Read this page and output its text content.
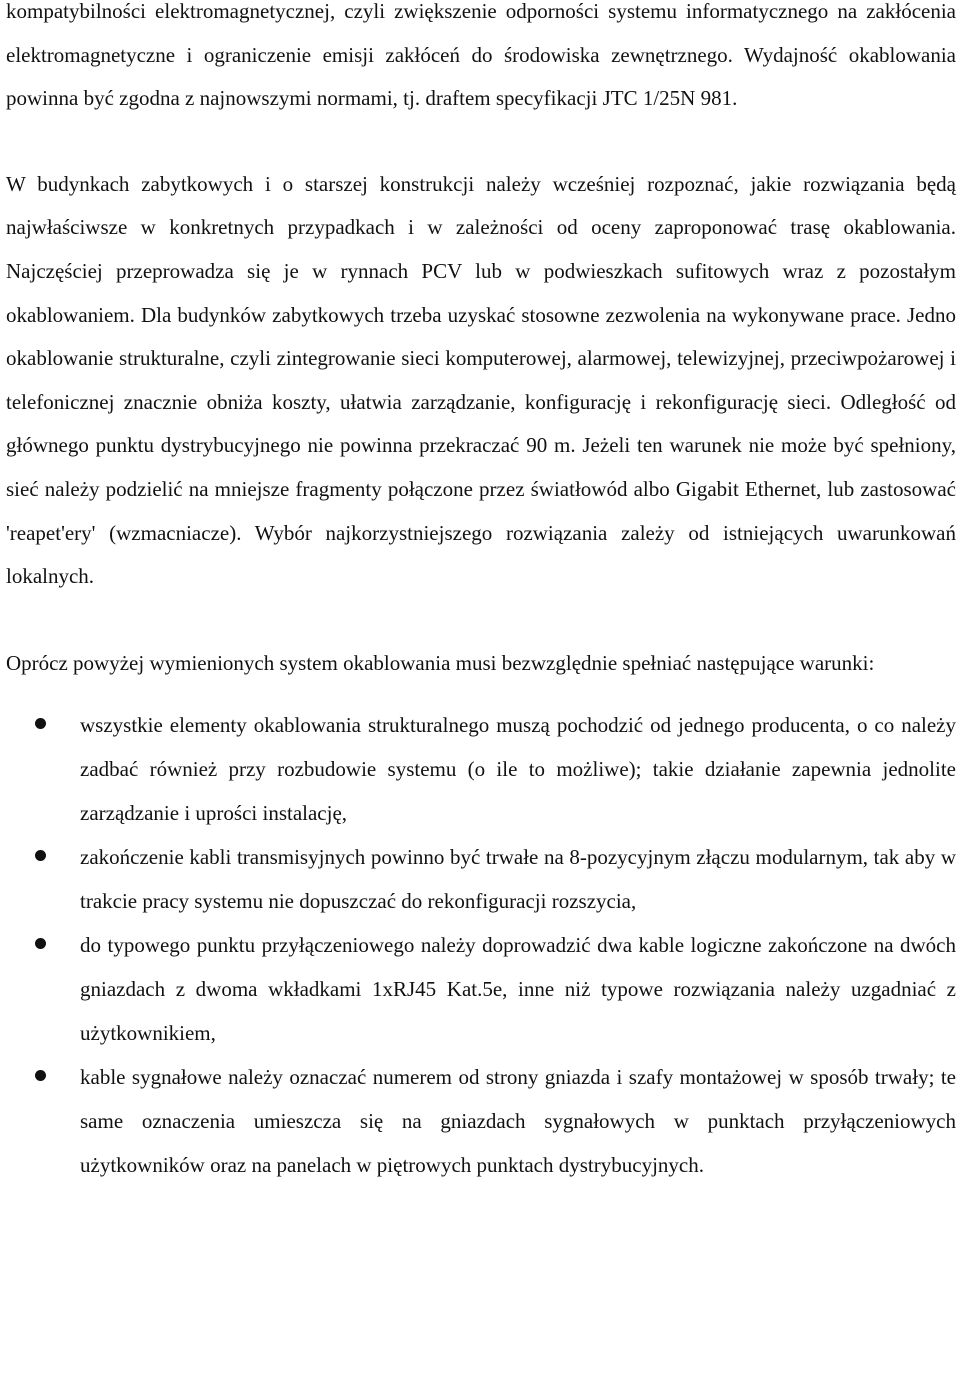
kompatybilności elektromagnetycznej, czyli zwiększenie odporności systemu informatycznego na zakłócenia elektromagnetyczne i ograniczenie emisji zakłóceń do środowiska zewnętrznego. Wydajność okablowania powinna być zgodna z najnowszymi normami, tj. draftem specyfikacji JTC 1/25N 981.

W budynkach zabytkowych i o starszej konstrukcji należy wcześniej rozpoznać, jakie rozwiązania będą najwłaściwsze w konkretnych przypadkach i w zależności od oceny zaproponować trasę okablowania. Najczęściej przeprowadza się je w rynnach PCV lub w podwieszkach sufitowych wraz z pozostałym okablowaniem. Dla budynków zabytkowych trzeba uzyskać stosowne zezwolenia na wykonywane prace. Jedno okablowanie strukturalne, czyli zintegrowanie sieci komputerowej, alarmowej, telewizyjnej, przeciwpożarowej i telefonicznej znacznie obniża koszty, ułatwia zarządzanie, konfigurację i rekonfigurację sieci. Odległość od głównego punktu dystrybucyjnego nie powinna przekraczać 90 m. Jeżeli ten warunek nie może być spełniony, sieć należy podzielić na mniejsze fragmenty połączone przez światłowód albo Gigabit Ethernet, lub zastosować 'reapet'ery' (wzmacniacze). Wybór najkorzystniejszego rozwiązania zależy od istniejących uwarunkowań lokalnych.

Oprócz powyżej wymienionych system okablowania musi bezwzględnie spełniać następujące warunki:

wszystkie elementy okablowania strukturalnego muszą pochodzić od jednego producenta, o co należy zadbać również przy rozbudowie systemu (o ile to możliwe); takie działanie zapewnia jednolite zarządzanie i uprości instalację,
zakończenie kabli transmisyjnych powinno być trwałe na 8-pozycyjnym złączu modularnym, tak aby w trakcie pracy systemu nie dopuszczać do rekonfiguracji rozszycia,
do typowego punktu przyłączeniowego należy doprowadzić dwa kable logiczne zakończone na dwóch gniazdach z dwoma wkładkami 1xRJ45 Kat.5e, inne niż typowe rozwiązania należy uzgadniać z użytkownikiem,
kable sygnałowe należy oznaczać numerem od strony gniazda i szafy montażowej w sposób trwały; te same oznaczenia umieszcza się na gniazdach sygnałowych w punktach przyłączeniowych użytkowników oraz na panelach w piętrowych punktach dystrybucyjnych.
